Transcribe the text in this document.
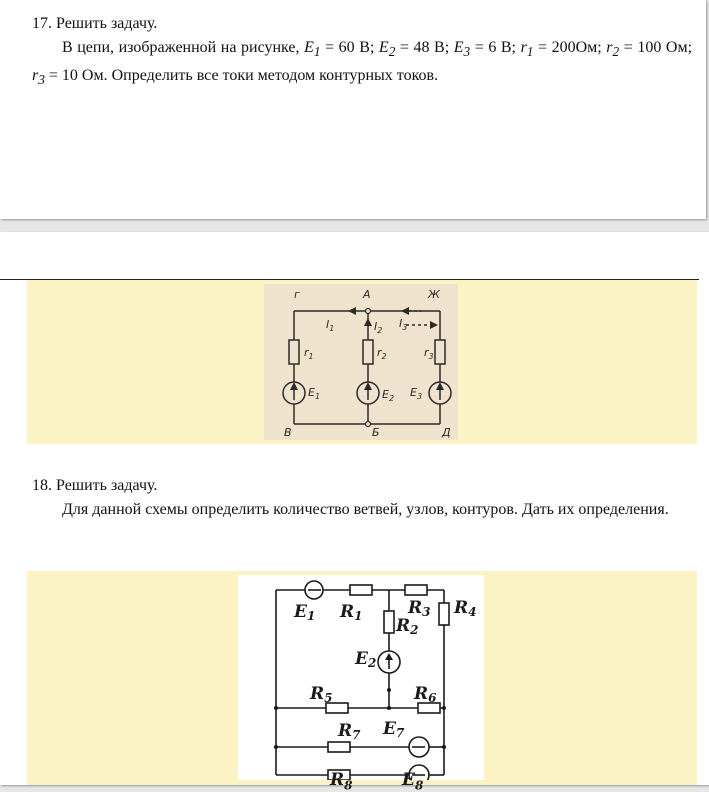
17. Решить задачу.

В цепи, изображенной на рисунке, $E_1 = 60$ В; $E_2 = 48$ В; $E_3 = 6$ В; $r_1 = 200Ом$; $r_2 = 100$ Ом; $r_3 = 10$ Ом. Определить все токи методом контурных токов.

г	А	Ж
В	Б	Д
$I_1$	$I_2$
$I_3$
$r_1$	$r_2$	$r_3$
$E_1$	$E_2$ $E_3$

18. Решить задачу.

Для данной схемы определить количество ветвей, узлов, контуров. Дать их определения.

E1 R1	R3
R2
R4
E2
R5	R6
R7 E7
$R_8$	$E_8$
